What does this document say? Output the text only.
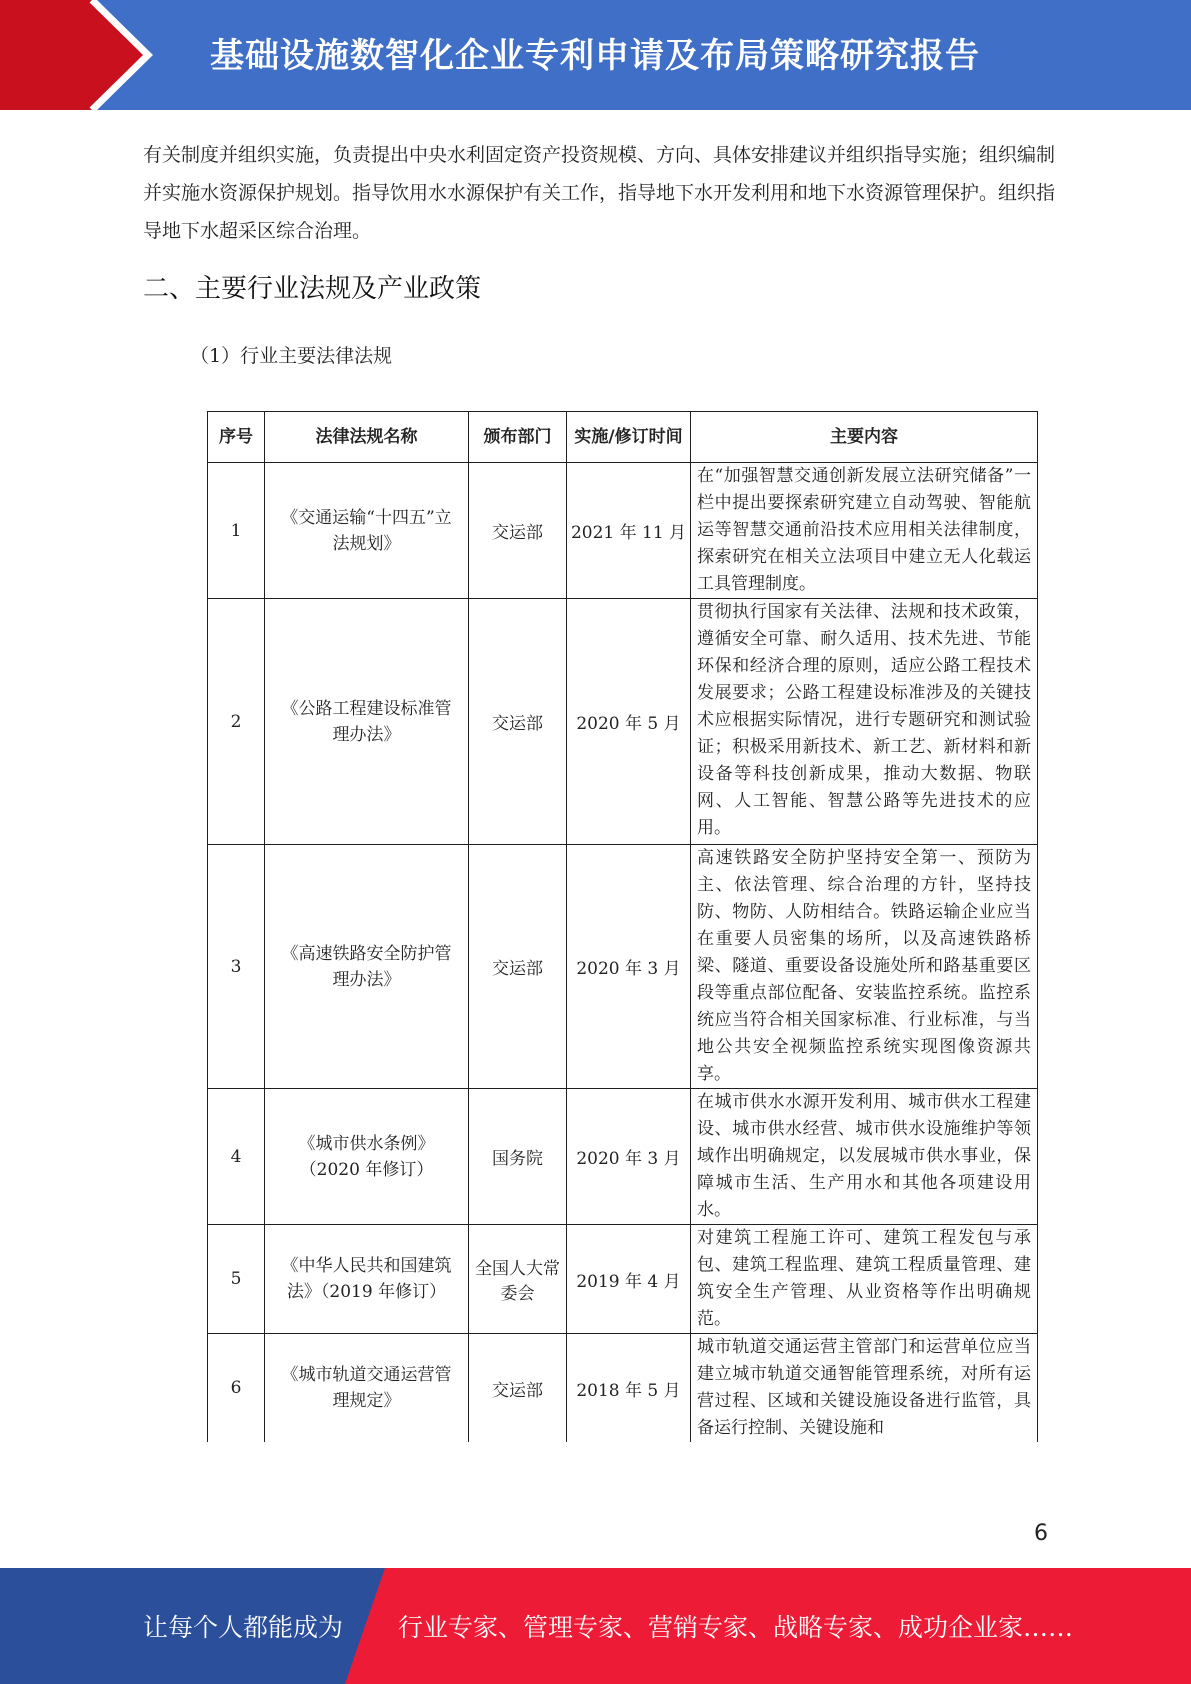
基础设施数智化企业专利申请及布局策略研究报告
有关制度并组织实施，负责提出中央水利固定资产投资规模、方向、具体安排建议并组织指导实施；组织编制并实施水资源保护规划。指导饮用水水源保护有关工作，指导地下水开发利用和地下水资源管理保护。组织指导地下水超采区综合治理。
二、主要行业法规及产业政策
（1）行业主要法律法规
序号	法律法规名称	颁布部门	实施/修订时间	主要内容
1	《交通运输“十四五”立法规划》	交运部	2021 年 11 月	在“加强智慧交通创新发展立法研究储备”一栏中提出要探索研究建立自动驾驶、智能航运等智慧交通前沿技术应用相关法律制度，探索研究在相关立法项目中建立无人化载运工具管理制度。
2	《公路工程建设标准管理办法》	交运部	2020 年 5 月	贯彻执行国家有关法律、法规和技术政策，遵循安全可靠、耐久适用、技术先进、节能环保和经济合理的原则，适应公路工程技术发展要求；公路工程建设标准涉及的关键技术应根据实际情况，进行专题研究和测试验证；积极采用新技术、新工艺、新材料和新设备等科技创新成果，推动大数据、物联网、人工智能、智慧公路等先进技术的应用。
3	《高速铁路安全防护管理办法》	交运部	2020 年 3 月	高速铁路安全防护坚持安全第一、预防为主、依法管理、综合治理的方针，坚持技防、物防、人防相结合。铁路运输企业应当在重要人员密集的场所，以及高速铁路桥梁、隧道、重要设备设施处所和路基重要区段等重点部位配备、安装监控系统。监控系统应当符合相关国家标准、行业标准，与当地公共安全视频监控系统实现图像资源共享。
4	《城市供水条例》（2020 年修订）	国务院	2020 年 3 月	在城市供水水源开发利用、城市供水工程建设、城市供水经营、城市供水设施维护等领域作出明确规定，以发展城市供水事业，保障城市生活、生产用水和其他各项建设用水。
5	《中华人民共和国建筑法》（2019 年修订）	全国人大常委会	2019 年 4 月	对建筑工程施工许可、建筑工程发包与承包、建筑工程监理、建筑工程质量管理、建筑安全生产管理、从业资格等作出明确规范。
6	《城市轨道交通运营管理规定》	交运部	2018 年 5 月	城市轨道交通运营主管部门和运营单位应当建立城市轨道交通智能管理系统，对所有运营过程、区域和关键设施设备进行监管，具备运行控制、关键设施和
6
让每个人都能成为 行业专家、管理专家、营销专家、战略专家、成功企业家……
